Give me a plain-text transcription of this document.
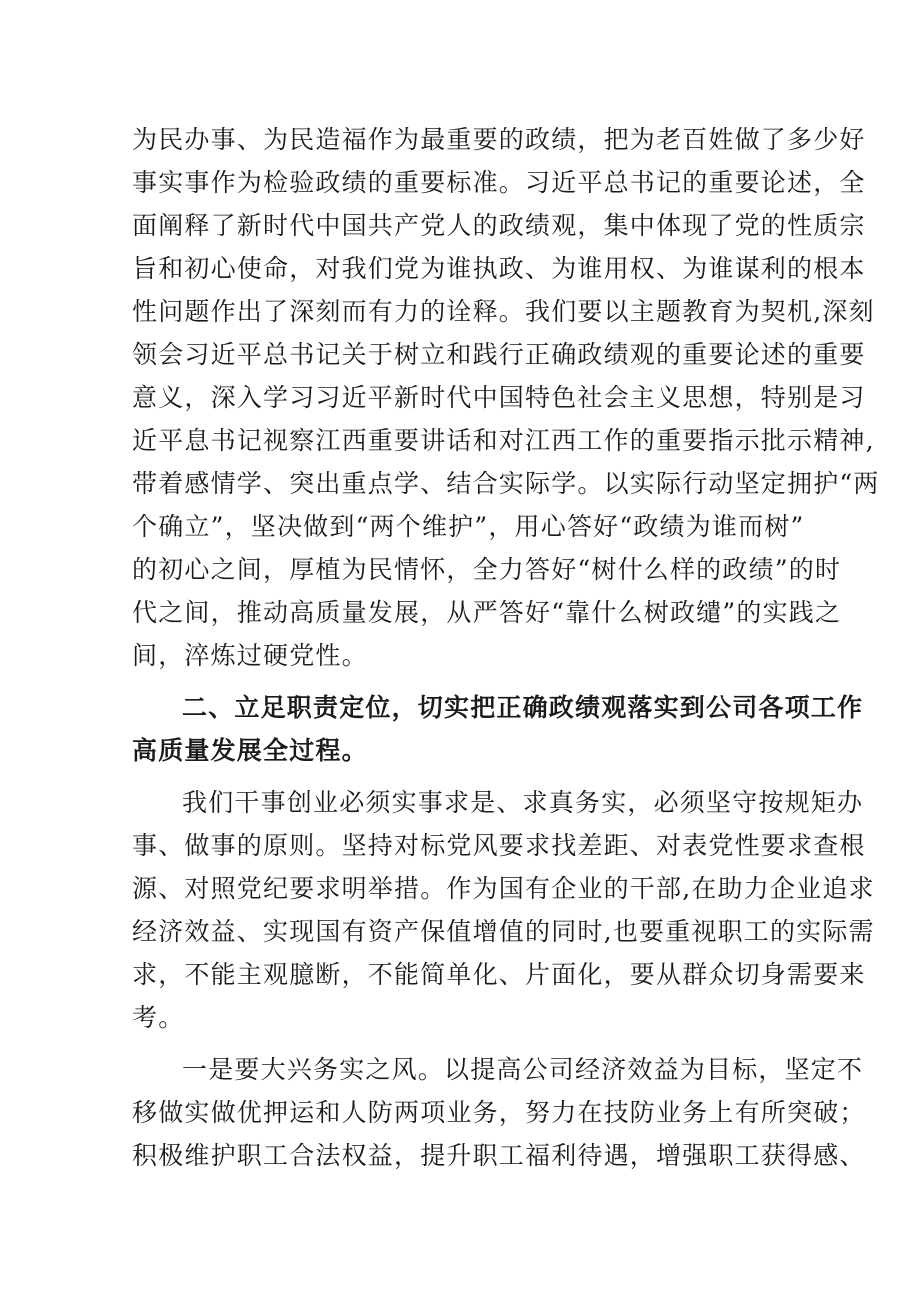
为民办事、为民造福作为最重要的政绩，把为老百姓做了多少好
事实事作为检验政绩的重要标准。习近平总书记的重要论述，全
面阐释了新时代中国共产党人的政绩观，集中体现了党的性质宗
旨和初心使命，对我们党为谁执政、为谁用权、为谁谋利的根本
性问题作出了深刻而有力的诠释。我们要以主题教育为契机,深刻
领会习近平总书记关于树立和践行正确政绩观的重要论述的重要
意义，深入学习习近平新时代中国特色社会主义思想，特别是习
近平息书记视察江西重要讲话和对江西工作的重要指示批示精神,
带着感情学、突出重点学、结合实际学。以实际行动坚定拥护“两
个确立”，坚决做到“两个维护”，用心答好“政绩为谁而树”
的初心之间，厚植为民情怀，全力答好“树什么样的政绩”的时
代之间，推动高质量发展，从严答好“靠什么树政缱”的实践之
间，淬炼过硬党性。
二、立足职责定位，切实把正确政绩观落实到公司各项工作
高质量发展全过程。
我们干事创业必须实事求是、求真务实，必须坚守按规矩办
事、做事的原则。坚持对标党风要求找差距、对表党性要求查根
源、对照党纪要求明举措。作为国有企业的干部,在助力企业追求
经济效益、实现国有资产保值增值的同时,也要重视职工的实际需
求，不能主观臆断，不能简单化、片面化，要从群众切身需要来
考。
一是要大兴务实之风。以提高公司经济效益为目标，坚定不
移做实做优押运和人防两项业务，努力在技防业务上有所突破；
积极维护职工合法权益，提升职工福利待遇，增强职工获得感、
